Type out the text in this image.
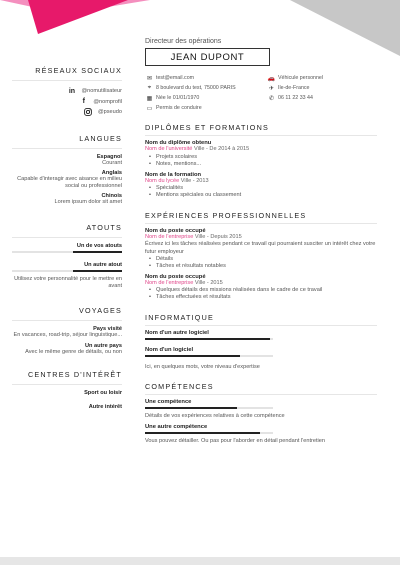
RÉSEAUX SOCIAUX
in @nomutilisateur
f	@nomprofil
@pseudo
LANGUES
Espagnol
Courant
Anglais
Capable d'interagir avec aisance en milieu social ou professionnel
Chinois
Lorem ipsum dolor sit amet
ATOUTS
Un de vos atouts
Un autre atout
Utilisez votre personnalité pour le mettre en avant
VOYAGES
Pays visité
En vacances, road-trip, séjour linguistique...
Un autre pays
Avec le même genre de détails, ou non
CENTRES D'INTÉRÊT
Sport ou loisir
Autre intérêt
Directeur des opérations
JEAN DUPONT
✉ test@email.com	🚗 Véhicule personnel
⌖ 8 boulevard du test, 75000 PARIS	✈ Ile-de-France
▦ Née le 01/01/1970	✆ 06 11 22 33 44
▭ Permis de conduire
DIPLÔMES ET FORMATIONS
Nom du diplôme obtenu
Nom de l'université Ville - De 2014 à 2015
• Projets scolaires
• Notes, mentions...
Nom de la formation
Nom du lycée Ville - 2013
• Spécialités
• Mentions spéciales ou classement
EXPÉRIENCES PROFESSIONNELLES
Nom du poste occupé
Nom de l'entreprise Ville - Depuis 2015
Écrivez ici les tâches réalisées pendant ce travail qui pourraient susciter un intérêt chez votre futur employeur
• Détails
• Tâches et résultats notables
Nom du poste occupé
Nom de l'entreprise Ville - 2015
• Quelques détails des missions réalisées dans le cadre de ce travail
• Tâches effectuées et résultats
INFORMATIQUE
Nom d'un autre logiciel
Nom d'un logiciel
Ici, en quelques mots, votre niveau d'expertise
COMPÉTENCES
Une compétence
Détails de vos expériences relatives à cette compétence
Une autre compétence
Vous pouvez détailler. Ou pas pour l'aborder en détail pendant l'entretien
